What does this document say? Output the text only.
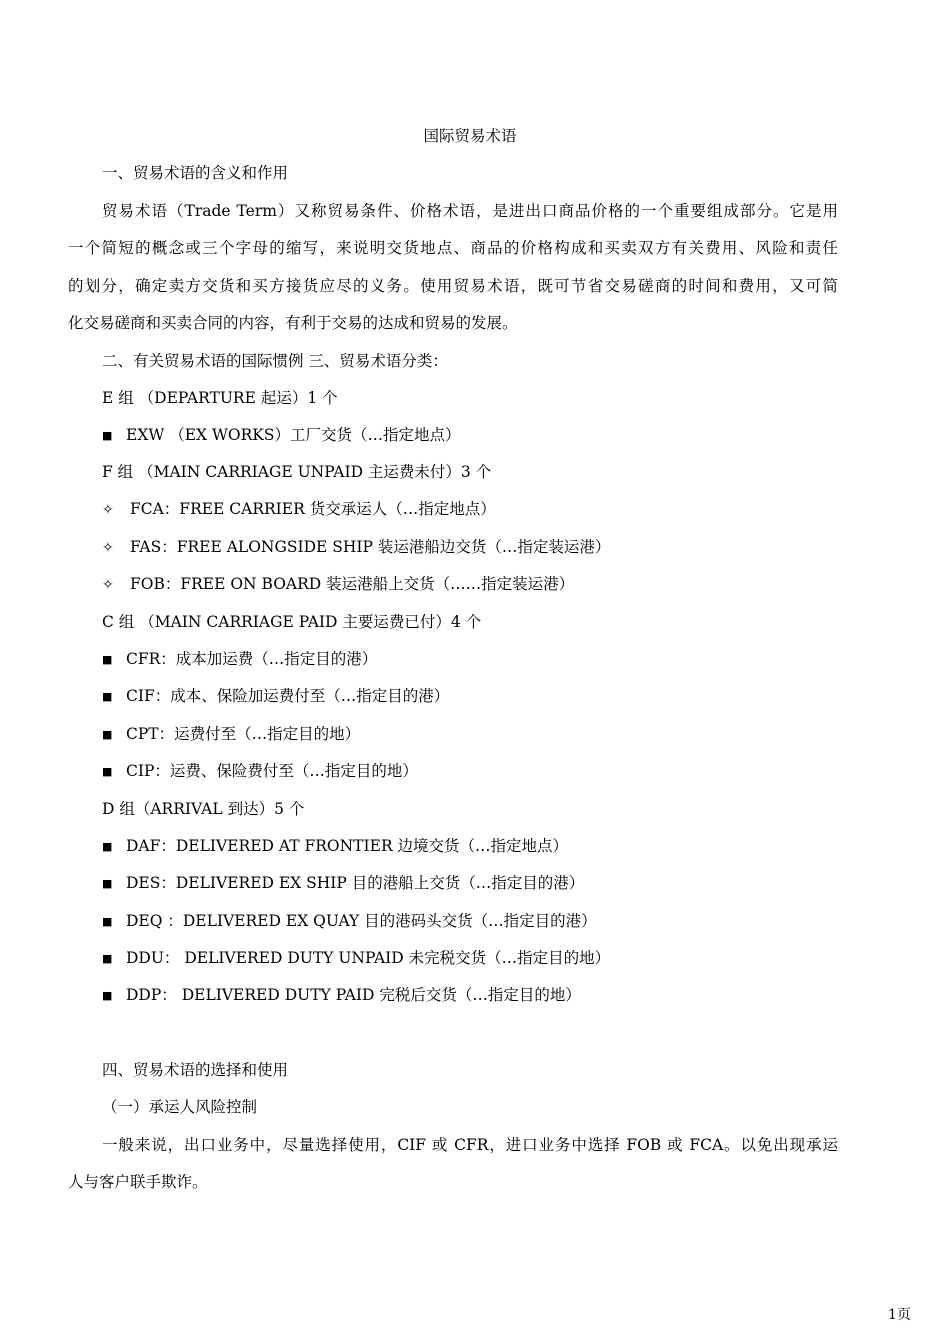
国际贸易术语
一、贸易术语的含义和作用
贸易术语（Trade Term）又称贸易条件、价格术语，是进出口商品价格的一个重要组成部分。它是用
一个简短的概念或三个字母的缩写，来说明交货地点、商品的价格构成和买卖双方有关费用、风险和责任
的划分，确定卖方交货和买方接货应尽的义务。使用贸易术语，既可节省交易磋商的时间和费用，又可简
化交易磋商和买卖合同的内容，有利于交易的达成和贸易的发展。
二、有关贸易术语的国际惯例 三、贸易术语分类：
E 组 （DEPARTURE 起运）1 个
■ EXW （EX WORKS）工厂交货（…指定地点）
F 组 （MAIN CARRIAGE UNPAID 主运费未付）3 个
✧ FCA：FREE CARRIER 货交承运人（…指定地点）
✧ FAS：FREE ALONGSIDE SHIP 装运港船边交货（…指定装运港）
✧ FOB：FREE ON BOARD 装运港船上交货（……指定装运港）
C 组 （MAIN CARRIAGE PAID 主要运费已付）4 个
■ CFR：成本加运费（…指定目的港）
■ CIF：成本、保险加运费付至（…指定目的港）
■ CPT：运费付至（…指定目的地）
■ CIP：运费、保险费付至（…指定目的地）
D 组（ARRIVAL 到达）5 个
■ DAF：DELIVERED AT FRONTIER 边境交货（…指定地点）
■ DES：DELIVERED EX SHIP 目的港船上交货（…指定目的港）
■ DEQ ：DELIVERED EX QUAY 目的港码头交货（…指定目的港）
■ DDU： DELIVERED DUTY UNPAID 未完税交货（…指定目的地）
■ DDP： DELIVERED DUTY PAID 完税后交货（…指定目的地）
四、贸易术语的选择和使用
（一）承运人风险控制
一般来说，出口业务中，尽量选择使用，CIF 或 CFR，进口业务中选择 FOB 或 FCA。以免出现承运
人与客户联手欺诈。
1页
